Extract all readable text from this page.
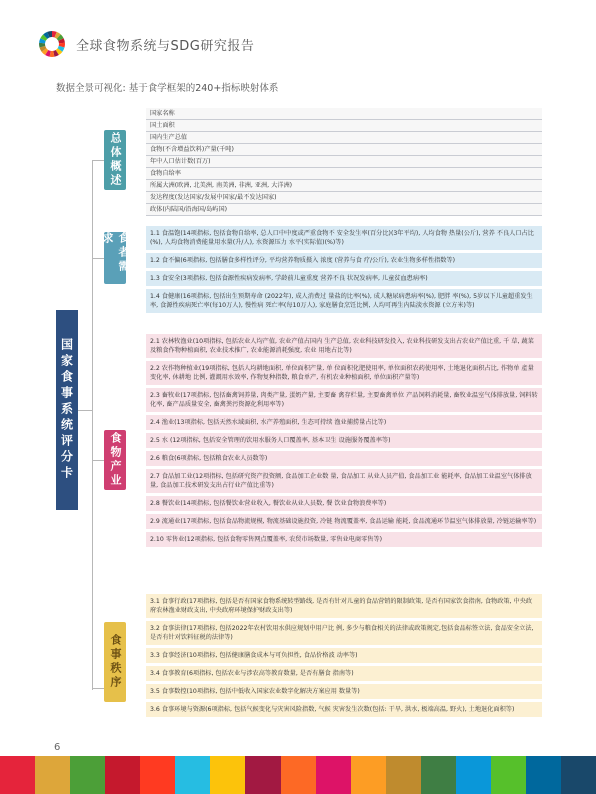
全球食物系统与SDG研究报告
数据全景可视化: 基于食学框架的240+指标映射体系
国家食事系统评分卡
总体概述
食者需求
食物产业
食事秩序
国家名称
国土面积
国内生产总值
食物(不含增益饮料)产量(千吨)
年中人口估计数(百万)
食物自给率
所属大洲(欧洲, 北美洲, 南美洲, 非洲, 亚洲, 大洋洲)
发达程度(发达国家/发展中国家/最不发达国家)
政体(内陆国/沿海国/岛屿国)
1.1 食温饱(14项指标, 包括食物自给率, 总人口中中度或严重食物不 安全发生率(百分比)(3年平均), 人均食物 热量(公斤), 营养 不良人口占比(%), 人均食物消费能量用水量(升/人), 水资源压力 水平(实际值)(%)等)
1.2 食不偏(6项指标, 包括膳食多样性评分, 平均营养物质摄入 浓度 (营养与食 疗/公斤), 农业生物多样性指数等)
1.3 食安全(3项指标, 包括食源性疾病发病率, 学龄前儿童重度 营养不良 状况发病率, 儿童贫血患病率)
1.4 食健康(16项指标, 包括出生预期寿命 (2022年), 成人消费过 量盐的比率(%), 成人糖尿病患病率(%), 肥胖 率(%), 5岁以下儿童超重发生率, 食源性疾病死亡率(每10万人), 慢性病 死亡率(每10万人), 家庭膳食烹饪比例, 人均可再生内陆淡水资源 (立方米)等)
2.1 农林牧渔业(10项指标, 包括农业人均产值, 农业产值占国内 生产总值, 农业科技研发投入, 农业科技研发支出占农业产值比重, 千 草, 蔬菜及粮食作物种植面积, 农业技术推广, 农业能源消耗强度, 农业 用地占比等)
2.2 农作物种植业(19项指标, 包括人均耕地面积, 单位面积产量, 单 位面积化肥使用率, 单位面积农药使用率, 土地退化面积占比, 作物单 產量变化率, 休耕地 比例, 灌溉用水效率, 作物复种指数, 粮食单产, 有机农业种植面积, 单位面积产量等)
2.3 畜牧业(17项指标, 包括畜禽饲养量, 肉类产量, 蛋奶产量, 主要畜 禽存栏量, 主要畜禽单位 产品饲料消耗量, 畜牧业温室气体排放量, 饲料转化率, 畜产品质量安全, 畜禽粪污资源化利用率等)
2.4 渔业(13项指标, 包括天然水域面积, 水产养殖面积, 生态可持续 渔业捕捞量占比等)
2.5 水 (12项指标, 包括安全管理的饮用水服务人口覆盖率, 基本卫生 设施服务覆盖率等)
2.6 粮食(6项指标, 包括粮食农业人员数等)
2.7 食品加工业(12项指标, 包括研究资产投资额, 食品加工企业数 量, 食品加工 从业人员产值, 食品加工业 能耗率, 食品加工业温室气体排放量, 食品加工技术研发支出占行业产值比重等)
2.8 餐饮业(14项指标, 包括餐饮业营业收入, 餐饮业从业人员数, 餐 饮业食物浪费率等)
2.9 流通业(17项指标, 包括食品物流规模, 物流基础设施投资, 冷链 物流覆盖率, 食品运输 能耗, 食品流通环节温室气体排放量, 冷链运输率等)
2.10 零售业(12项指标, 包括食物零售网点覆盖率, 农贸市场数量, 零售业电商零售等)
3.1 食事行政(17项指标, 包括是否有国家食物系统转型路线, 是否有针对儿童的食品营销的限制政策, 是否有国家饮食指南, 食物政策, 中央政府农林渔业财政支出, 中央政府环境保护财政支出等)
3.2 食事法律(17项指标, 包括2022年农村饮用水供应规划中用户比 例, 多少与粮食相关的法律或政策规定,包括食品标签立法, 食品安全立法, 是否有针对饮料征税的法律等)
3.3 食事经济(10项指标, 包括健康膳食成本与可负担性, 食品价格波 动率等)
3.4 食事教育(6项指标, 包括农业与涉农高等教育数量, 是否有膳食 指南等)
3.5 食事数控(10项指标, 包括中低收入国家农业数字化解决方案应用 数量等)
3.6 食事环境与资源(6项指标, 包括气候变化与灾害风险指数, 气候 灾害发生次数(包括: 干旱, 洪水, 极端高温, 野火), 土地退化面积等)
6
